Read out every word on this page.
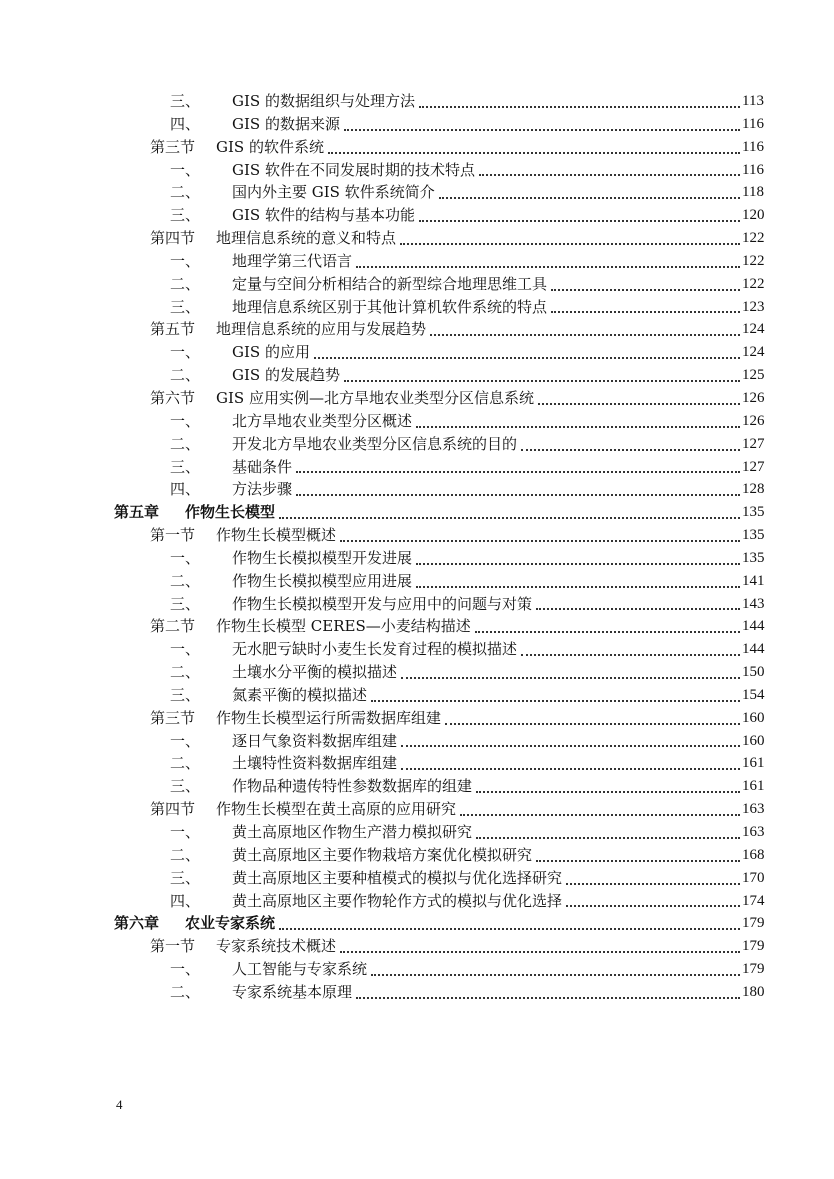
三、 GIS 的数据组织与处理方法	113
四、 GIS 的数据来源	116
第三节 GIS 的软件系统	116
一、 GIS 软件在不同发展时期的技术特点	116
二、 国内外主要 GIS 软件系统简介	118
三、 GIS 软件的结构与基本功能	120
第四节 地理信息系统的意义和特点	122
一、 地理学第三代语言	122
二、 定量与空间分析相结合的新型综合地理思维工具	122
三、 地理信息系统区别于其他计算机软件系统的特点	123
第五节 地理信息系统的应用与发展趋势	124
一、 GIS 的应用	124
二、 GIS 的发展趋势	125
第六节 GIS 应用实例—北方旱地农业类型分区信息系统	126
一、 北方旱地农业类型分区概述	126
二、 开发北方旱地农业类型分区信息系统的目的	127
三、 基础条件	127
四、 方法步骤	128
第五章 作物生长模型	135
第一节 作物生长模型概述	135
一、 作物生长模拟模型开发进展	135
二、 作物生长模拟模型应用进展	141
三、 作物生长模拟模型开发与应用中的问题与对策	143
第二节 作物生长模型 CERES—小麦结构描述	144
一、 无水肥亏缺时小麦生长发育过程的模拟描述	144
二、 土壤水分平衡的模拟描述	150
三、 氮素平衡的模拟描述	154
第三节 作物生长模型运行所需数据库组建	160
一、 逐日气象资料数据库组建	160
二、 土壤特性资料数据库组建	161
三、 作物品种遗传特性参数数据库的组建	161
第四节 作物生长模型在黄土高原的应用研究	163
一、 黄土高原地区作物生产潜力模拟研究	163
二、 黄土高原地区主要作物栽培方案优化模拟研究	168
三、 黄土高原地区主要种植模式的模拟与优化选择研究	170
四、 黄土高原地区主要作物轮作方式的模拟与优化选择	174
第六章 农业专家系统	179
第一节 专家系统技术概述	179
一、 人工智能与专家系统	179
二、 专家系统基本原理	180
4
